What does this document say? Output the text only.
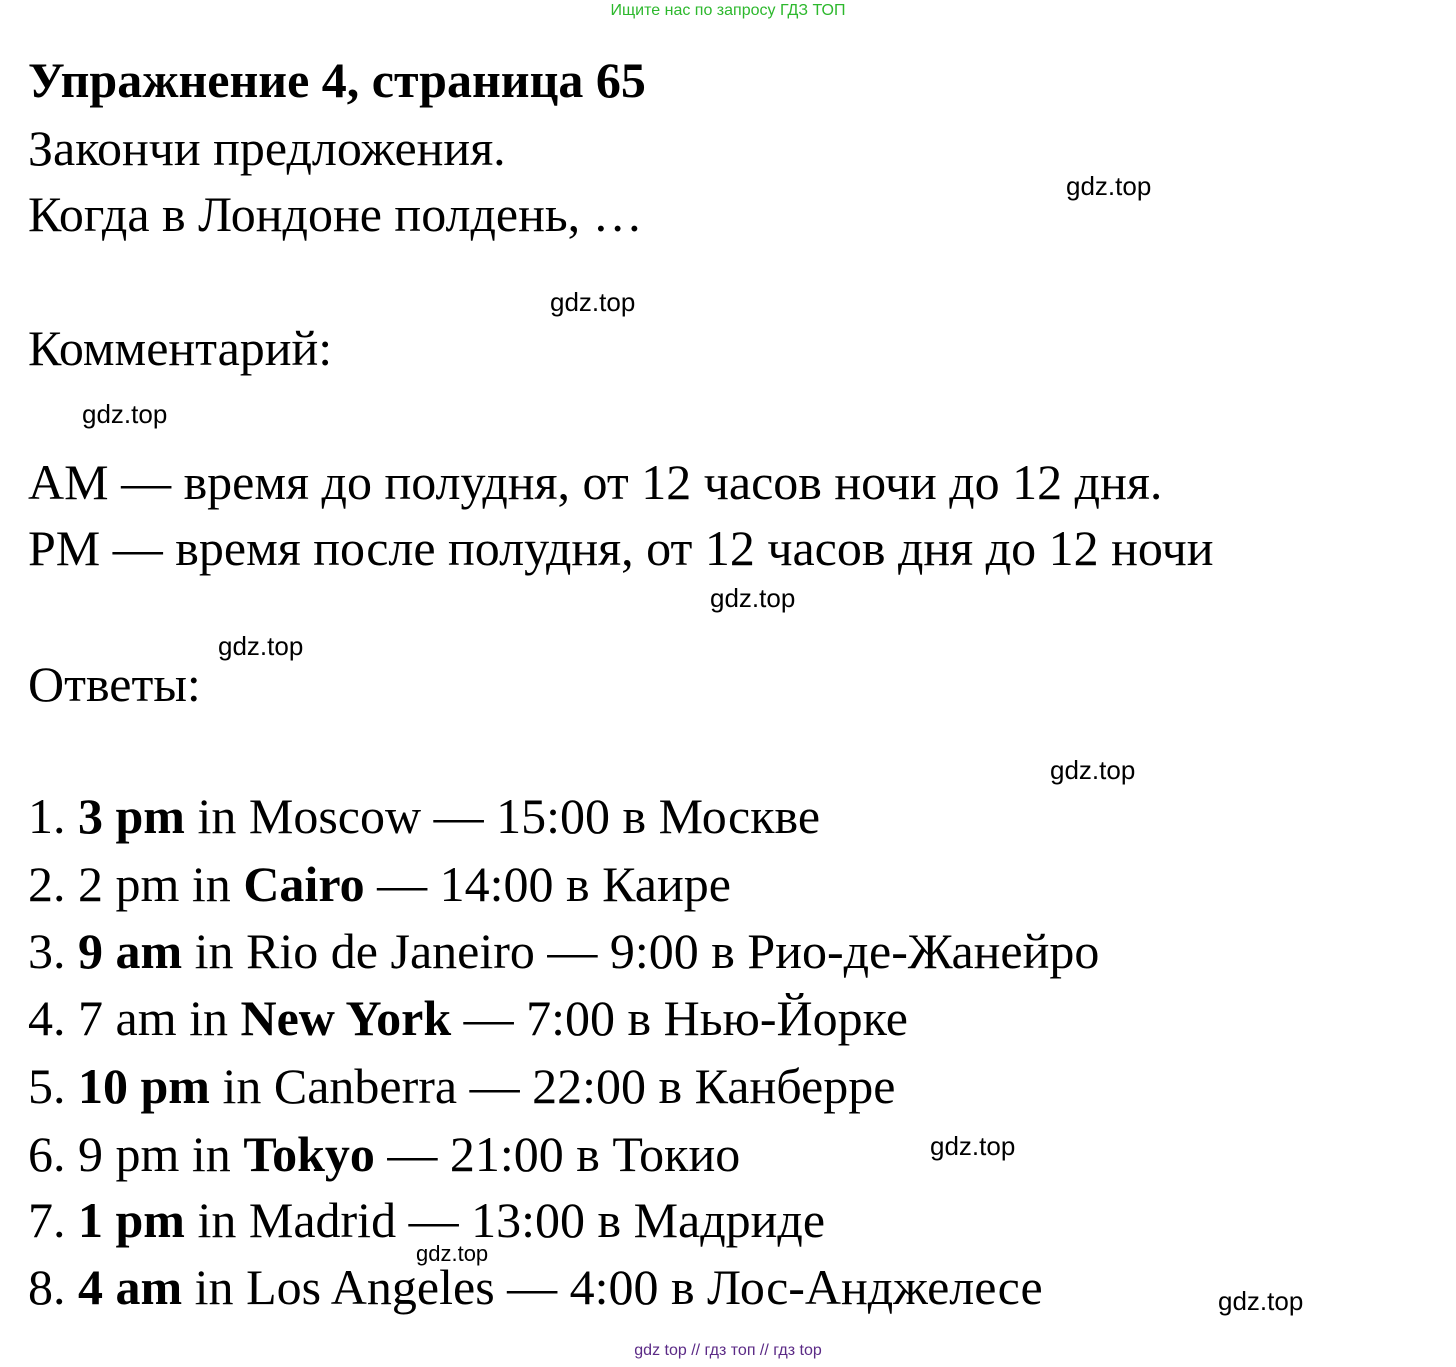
Ищите нас по запросу ГДЗ ТОП
Упражнение 4, страница 65

Закончи предложения.

Когда в Лондоне полдень, …

Комментарий:

AM — время до полудня, от 12 часов ночи до 12 дня.

PM — время после полудня, от 12 часов дня до 12 ночи

Ответы:

1. 3 pm in Moscow — 15:00 в Москве

2. 2 pm in Cairo — 14:00 в Каире

3. 9 am in Rio de Janeiro — 9:00 в Рио-де-Жанейро

4. 7 am in New York — 7:00 в Нью-Йорке

5. 10 pm in Canberra — 22:00 в Канберре

6. 9 pm in Tokyo — 21:00 в Токио

7. 1 pm in Madrid — 13:00 в Мадриде

8. 4 am in Los Angeles — 4:00 в Лос-Анджелесе

gdz.top
gdz.top
gdz.top
gdz.top
gdz.top
gdz.top
gdz.top
gdz.top
gdz.top
gdz top // гдз топ // гдз top
